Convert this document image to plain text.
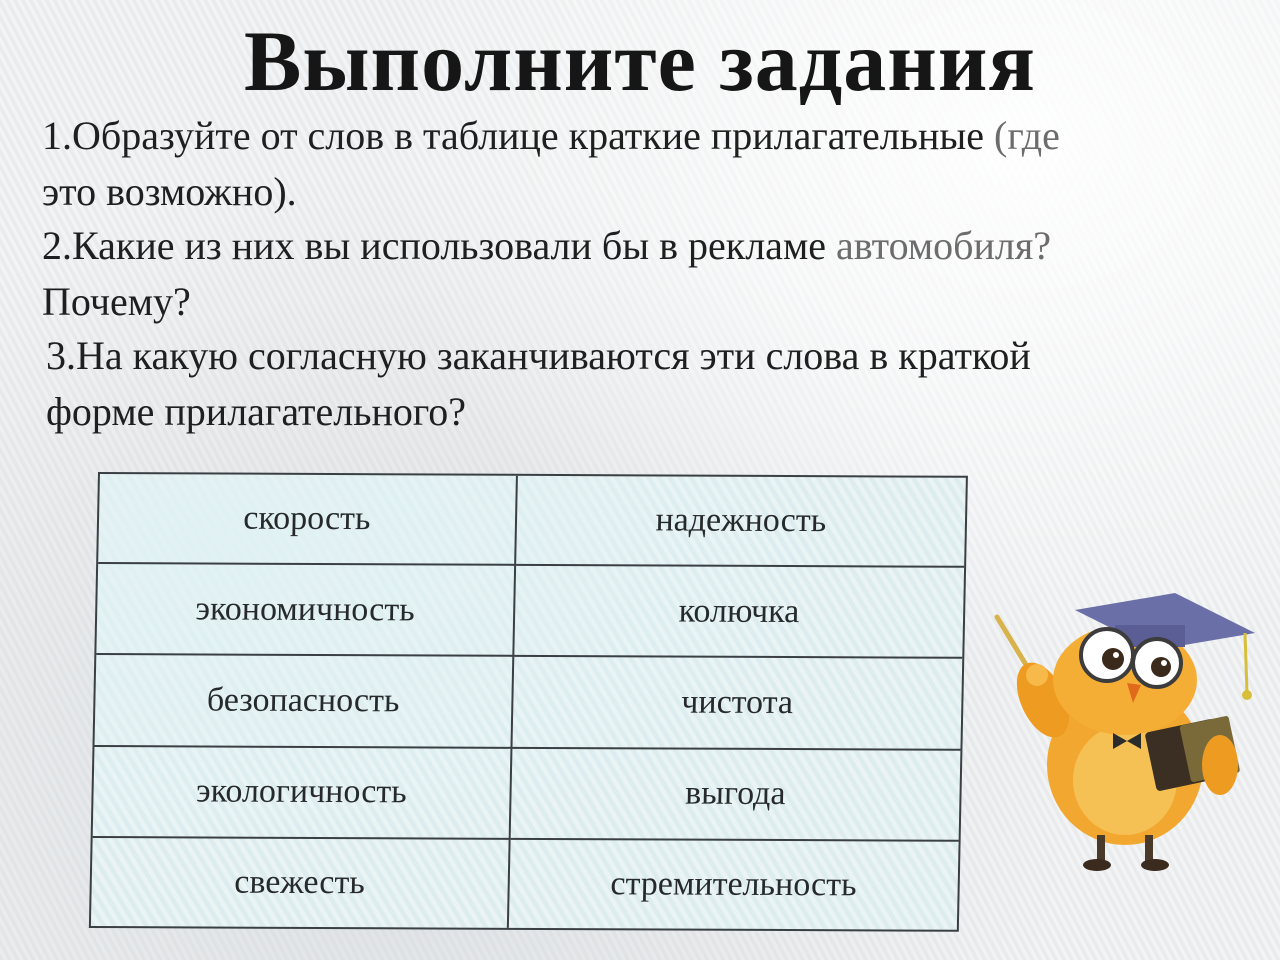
Выполните задания
1.Образуйте от слов в таблице краткие прилагательные (где
это возможно).
2.Какие из них вы использовали бы в рекламе автомобиля?
Почему?
3.На какую согласную заканчиваются эти слова в краткой
форме прилагательного?
скорость	надежность
экономичность	колючка
безопасность	чистота
экологичность	выгода
свежесть	стремительность
